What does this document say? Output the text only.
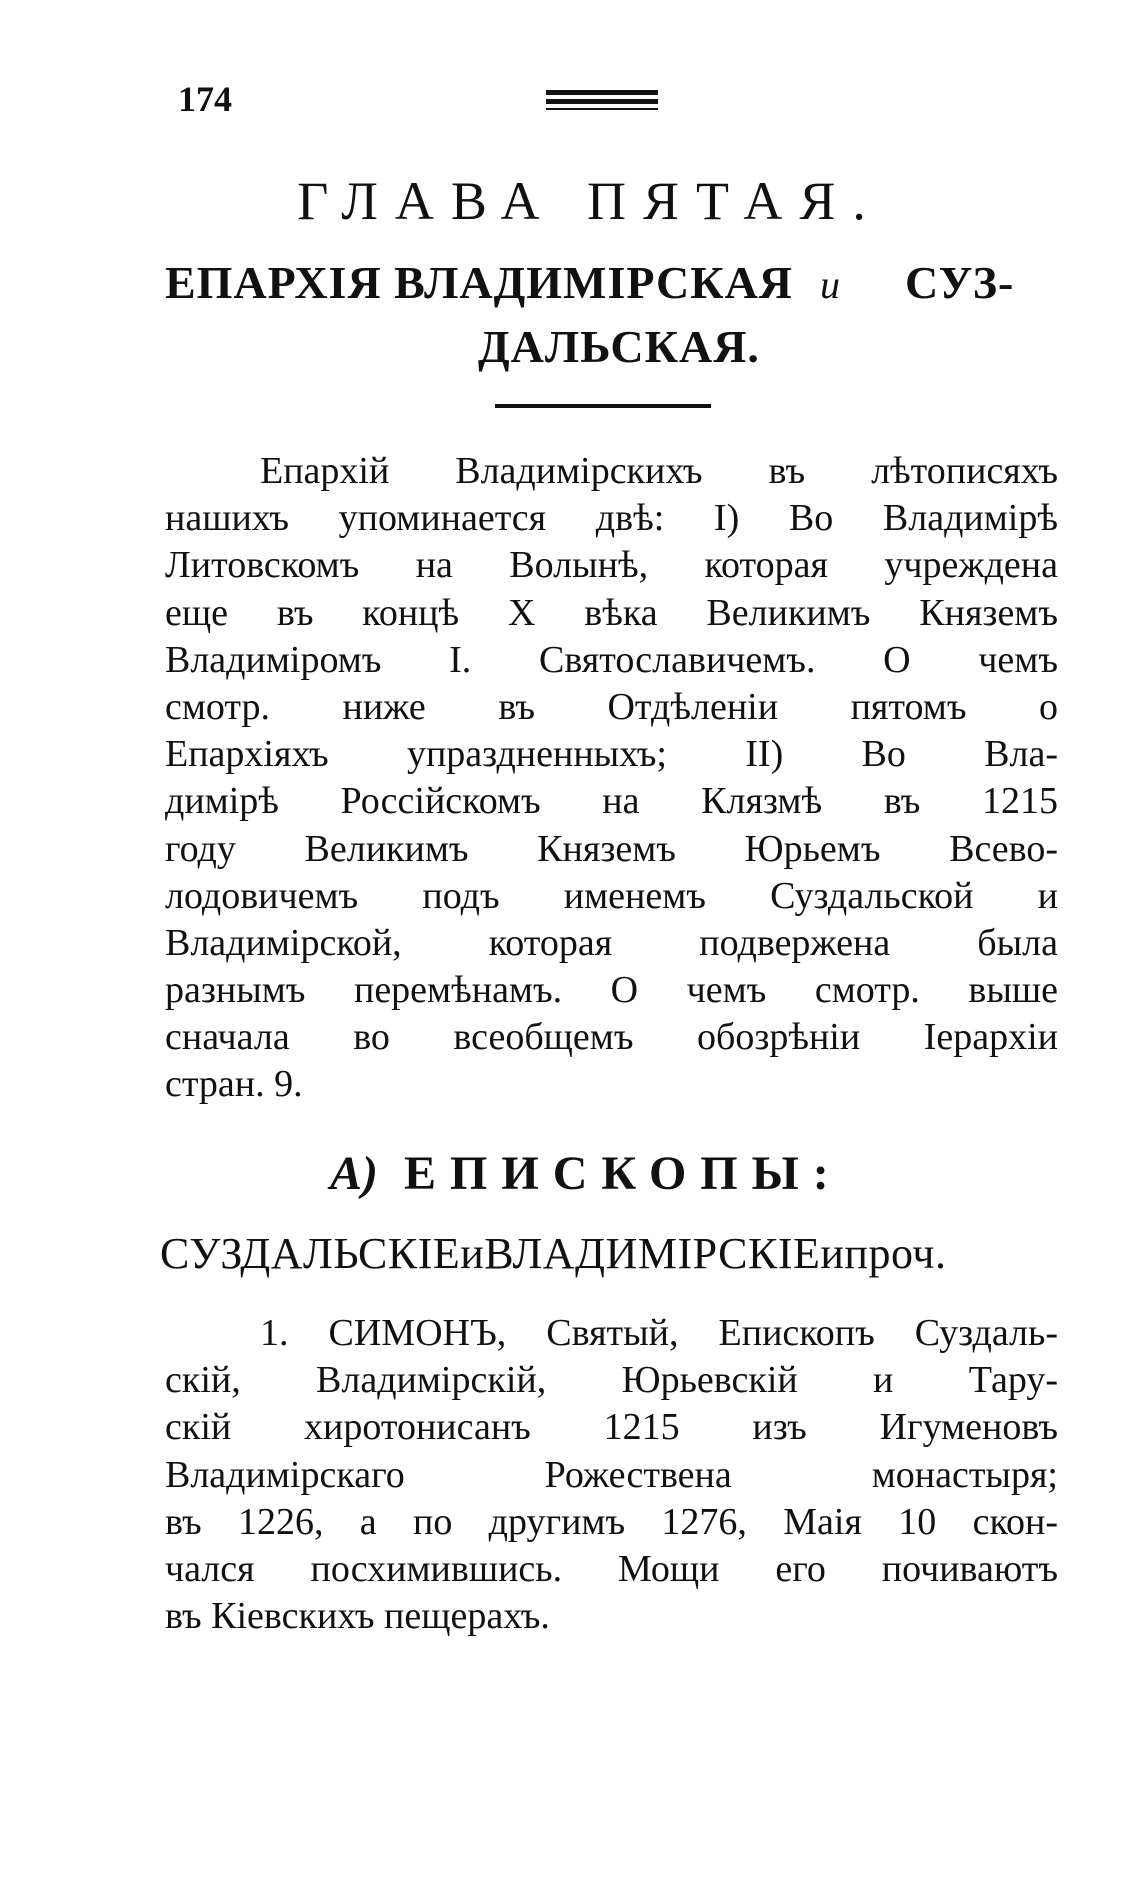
174
ГЛАВА ПЯТАЯ.
ЕПАРХІЯ ВЛАДИМІРСКАЯ и СУЗ-
ДАЛЬСКАЯ.
Епархій Владимірскихъ въ лѣтописяхъ
нашихъ упоминается двѣ: I) Во Владимірѣ
Литовскомъ на Волынѣ, которая учреждена
еще въ концѣ X вѣка Великимъ Княземъ
Владиміромъ I. Святославичемъ. О чемъ
смотр. ниже въ Отдѣленіи пятомъ о
Епархіяхъ упраздненныхъ; II) Во Вла-
димірѣ Россійскомъ на Клязмѣ въ 1215
году Великимъ Княземъ Юрьемъ Всево-
лодовичемъ подъ именемъ Суздальской и
Владимірской, которая подвержена была
разнымъ перемѣнамъ. О чемъ смотр. выше
сначала во всеобщемъ обозрѣніи Іерархіи
стран. 9.
А) ЕПИСКОПЫ:
СУЗДАЛЬСКІЕиВЛАДИМІРСКІЕипроч.
1. СИМОНЪ, Святый, Епископъ Суздаль-
скій, Владимірскій, Юрьевскій и Тару-
скій хиротонисанъ 1215 изъ Игуменовъ
Владимірскаго Рожествена монастыря;
въ 1226, а по другимъ 1276, Маія 10 скон-
чался посхимившись. Мощи его почиваютъ
въ Кіевскихъ пещерахъ.
